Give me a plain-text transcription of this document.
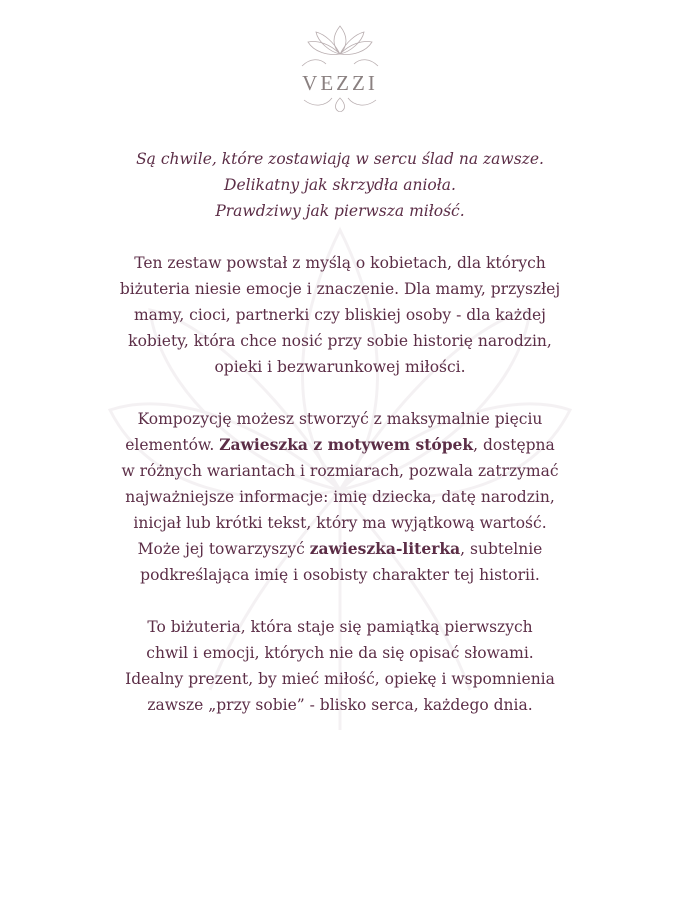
VEZZI
Są chwile, które zostawiają w sercu ślad na zawsze.
Delikatny jak skrzydła anioła.
Prawdziwy jak pierwsza miłość.
Ten zestaw powstał z myślą o kobietach, dla których
biżuteria niesie emocje i znaczenie. Dla mamy, przyszłej
mamy, cioci, partnerki czy bliskiej osoby - dla każdej
kobiety, która chce nosić przy sobie historię narodzin,
opieki i bezwarunkowej miłości.
Kompozycję możesz stworzyć z maksymalnie pięciu
elementów. Zawieszka z motywem stópek, dostępna
w różnych wariantach i rozmiarach, pozwala zatrzymać
najważniejsze informacje: imię dziecka, datę narodzin,
inicjał lub krótki tekst, który ma wyjątkową wartość.
Może jej towarzyszyć zawieszka-literka, subtelnie
podkreślająca imię i osobisty charakter tej historii.
To biżuteria, która staje się pamiątką pierwszych
chwil i emocji, których nie da się opisać słowami.
Idealny prezent, by mieć miłość, opiekę i wspomnienia
zawsze „przy sobie” - blisko serca, każdego dnia.
